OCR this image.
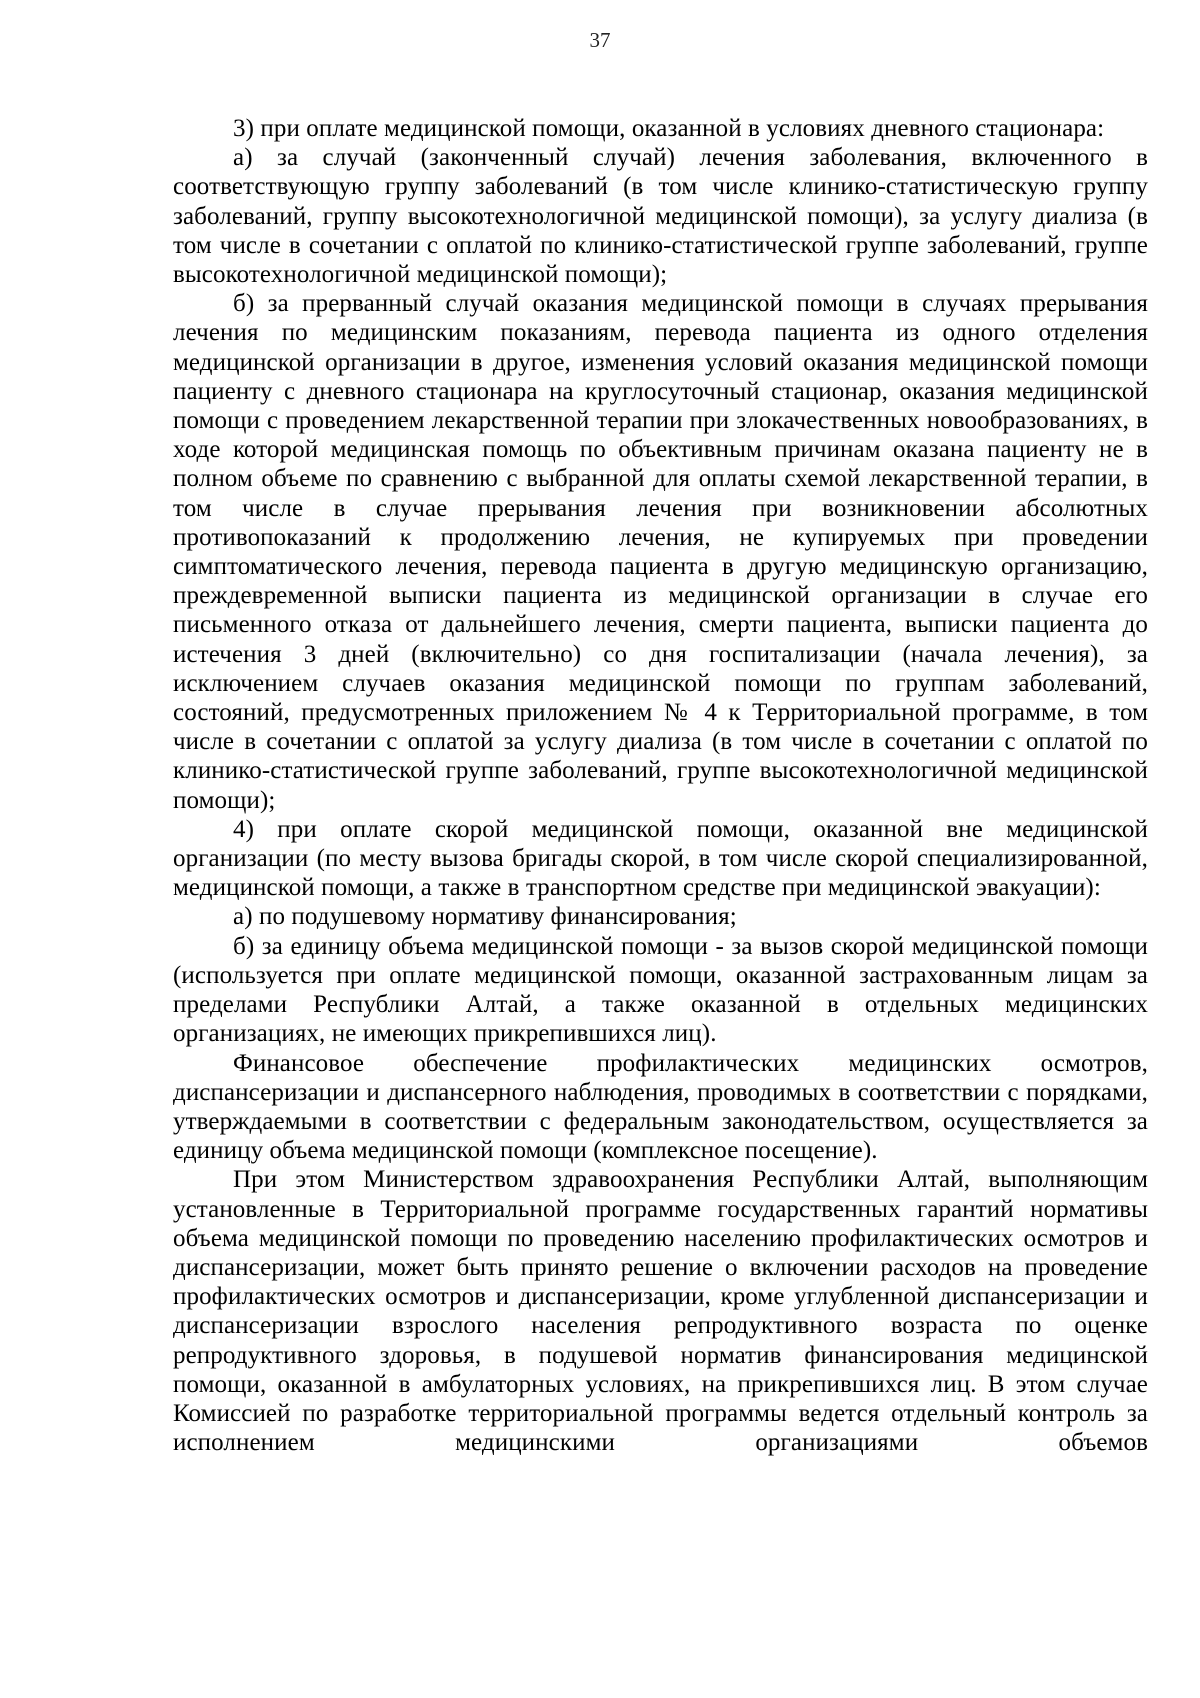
37

3) при оплате медицинской помощи, оказанной в условиях дневного стационара:

а) за случай (законченный случай) лечения заболевания, включенного в соответствующую группу заболеваний (в том числе клинико-статистическую группу заболеваний, группу высокотехнологичной медицинской помощи), за услугу диализа (в том числе в сочетании с оплатой по клинико-статистической группе заболеваний, группе высокотехнологичной медицинской помощи);

б) за прерванный случай оказания медицинской помощи в случаях прерывания лечения по медицинским показаниям, перевода пациента из одного отделения медицинской организации в другое, изменения условий оказания медицинской помощи пациенту с дневного стационара на круглосуточный стационар, оказания медицинской помощи с проведением лекарственной терапии при злокачественных новообразованиях, в ходе которой медицинская помощь по объективным причинам оказана пациенту не в полном объеме по сравнению с выбранной для оплаты схемой лекарственной терапии, в том числе в случае прерывания лечения при возникновении абсолютных противопоказаний к продолжению лечения, не купируемых при проведении симптоматического лечения, перевода пациента в другую медицинскую организацию, преждевременной выписки пациента из медицинской организации в случае его письменного отказа от дальнейшего лечения, смерти пациента, выписки пациента до истечения 3 дней (включительно) со дня госпитализации (начала лечения), за исключением случаев оказания медицинской помощи по группам заболеваний, состояний, предусмотренных приложением № 4 к Территориальной программе, в том числе в сочетании с оплатой за услугу диализа (в том числе в сочетании с оплатой по клинико-статистической группе заболеваний, группе высокотехнологичной медицинской помощи);

4) при оплате скорой медицинской помощи, оказанной вне медицинской организации (по месту вызова бригады скорой, в том числе скорой специализированной, медицинской помощи, а также в транспортном средстве при медицинской эвакуации):

а) по подушевому нормативу финансирования;

б) за единицу объема медицинской помощи - за вызов скорой медицинской помощи (используется при оплате медицинской помощи, оказанной застрахованным лицам за пределами Республики Алтай, а также оказанной в отдельных медицинских организациях, не имеющих прикрепившихся лиц).

Финансовое обеспечение профилактических медицинских осмотров, диспансеризации и диспансерного наблюдения, проводимых в соответствии с порядками, утверждаемыми в соответствии с федеральным законодательством, осуществляется за единицу объема медицинской помощи (комплексное посещение).

При этом Министерством здравоохранения Республики Алтай, выполняющим установленные в Территориальной программе государственных гарантий нормативы объема медицинской помощи по проведению населению профилактических осмотров и диспансеризации, может быть принято решение о включении расходов на проведение профилактических осмотров и диспансеризации, кроме углубленной диспансеризации и диспансеризации взрослого населения репродуктивного возраста по оценке репродуктивного здоровья, в подушевой норматив финансирования медицинской помощи, оказанной в амбулаторных условиях, на прикрепившихся лиц. В этом случае Комиссией по разработке территориальной программы ведется отдельный контроль за исполнением медицинскими организациями объемов
